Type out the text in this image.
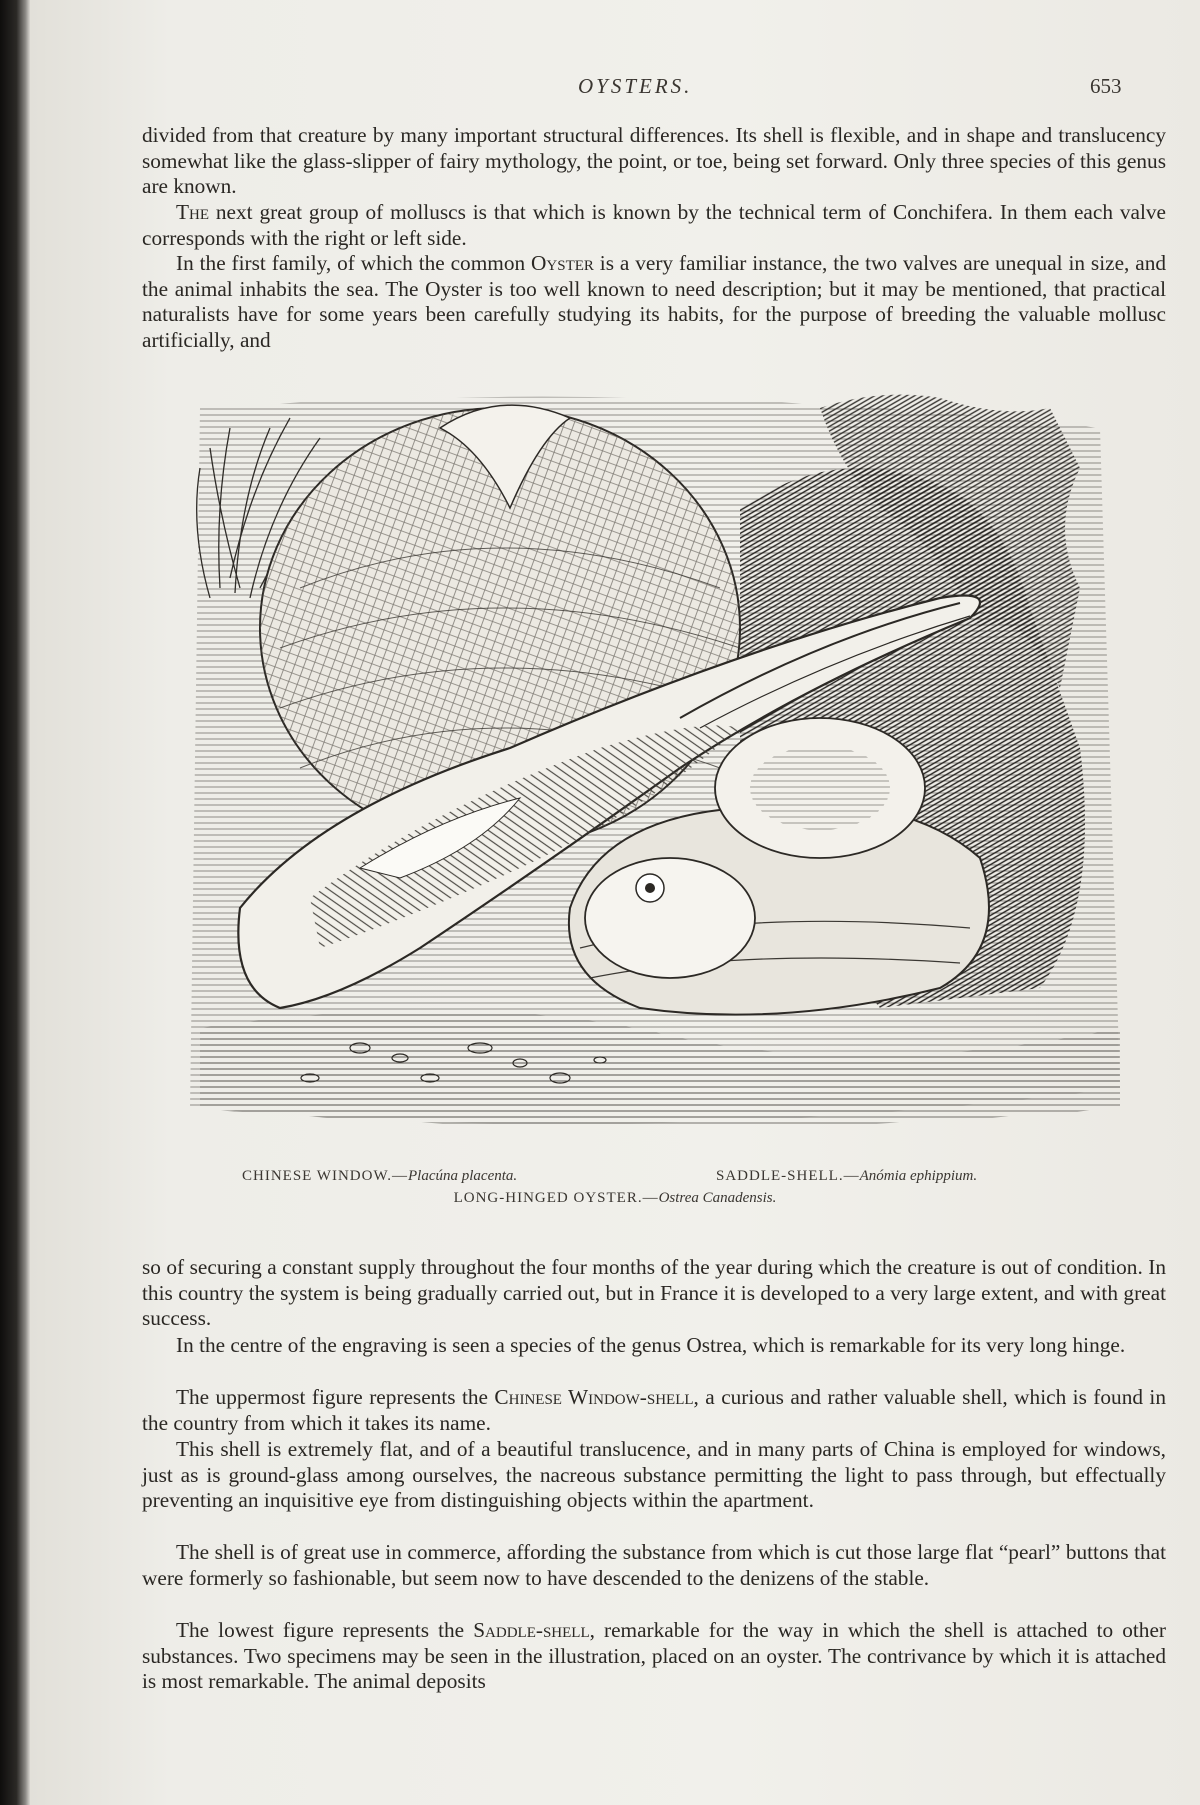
OYSTERS.	653
divided from that creature by many important structural differences. Its shell is flexible, and in shape and translucency somewhat like the glass-slipper of fairy mythology, the point, or toe, being set forward. Only three species of this genus are known.
The next great group of molluscs is that which is known by the technical term of Conchifera. In them each valve corresponds with the right or left side.
In the first family, of which the common Oyster is a very familiar instance, the two valves are unequal in size, and the animal inhabits the sea. The Oyster is too well known to need description; but it may be mentioned, that practical naturalists have for some years been carefully studying its habits, for the purpose of breeding the valuable mollusc artificially, and
CHINESE WINDOW.—Placúna placenta.	SADDLE-SHELL.—Anómia ephippium.
LONG-HINGED OYSTER.—Ostrea Canadensis.
so of securing a constant supply throughout the four months of the year during which the creature is out of condition. In this country the system is being gradually carried out, but in France it is developed to a very large extent, and with great success.
In the centre of the engraving is seen a species of the genus Ostrea, which is remarkable for its very long hinge.
The uppermost figure represents the Chinese Window-shell, a curious and rather valuable shell, which is found in the country from which it takes its name.
This shell is extremely flat, and of a beautiful translucence, and in many parts of China is employed for windows, just as is ground-glass among ourselves, the nacreous substance permitting the light to pass through, but effectually preventing an inquisitive eye from distinguishing objects within the apartment.
The shell is of great use in commerce, affording the substance from which is cut those large flat “pearl” buttons that were formerly so fashionable, but seem now to have descended to the denizens of the stable.
The lowest figure represents the Saddle-shell, remarkable for the way in which the shell is attached to other substances. Two specimens may be seen in the illustration, placed on an oyster. The contrivance by which it is attached is most remarkable. The animal deposits
